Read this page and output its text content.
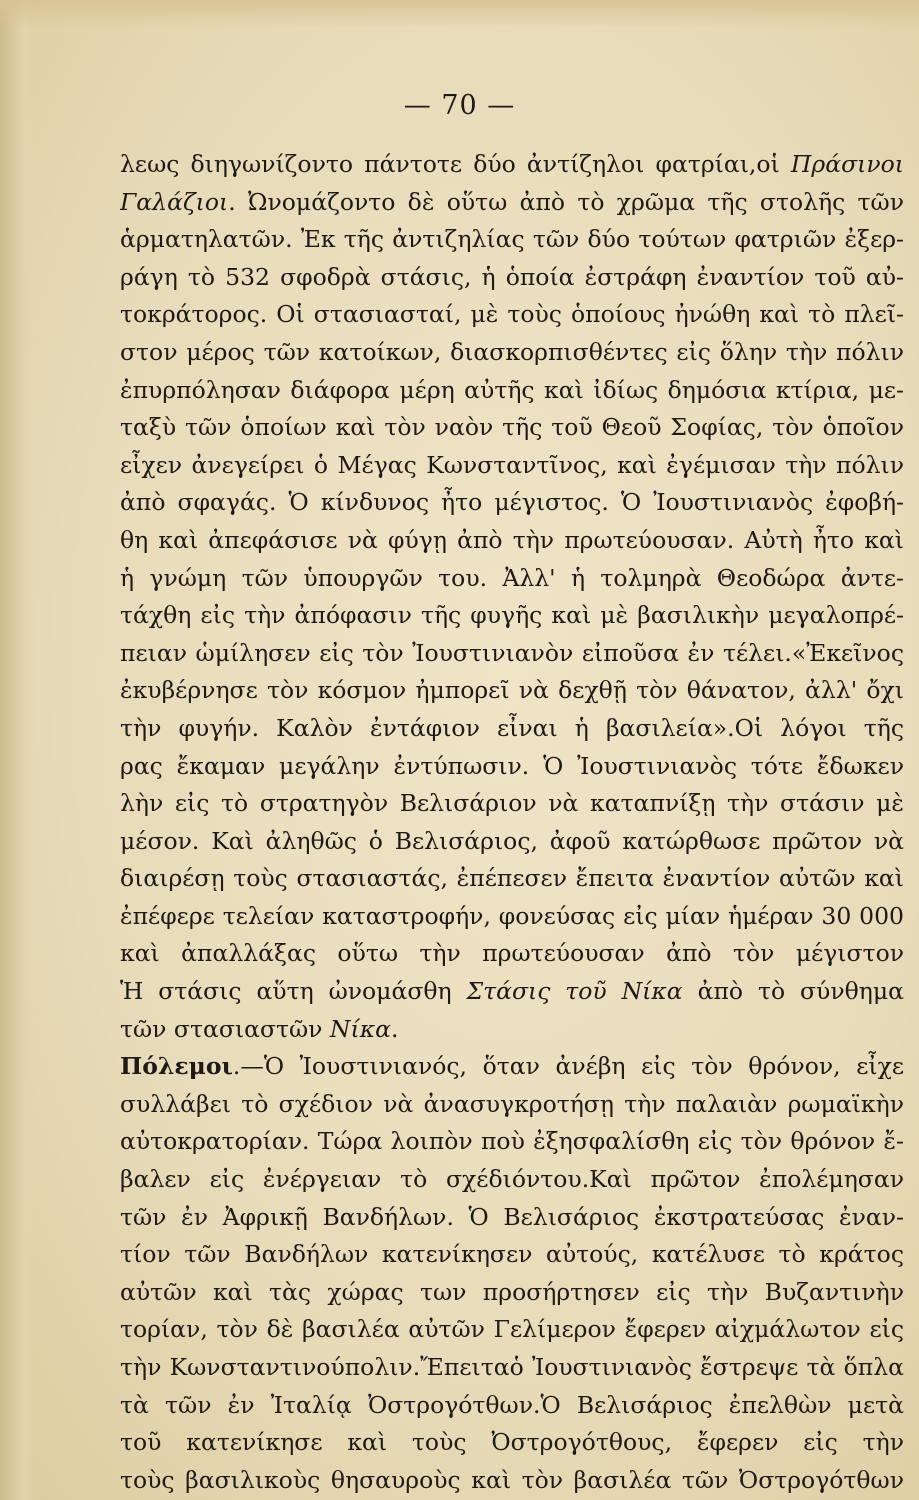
— 70 —
λεως διηγωνίζοντο πάντοτε δύο ἀντίζηλοι φατρίαι,οἱ Πράσινοι
Γαλάζιοι. Ὠνομάζοντο δὲ οὕτω ἀπὸ τὸ χρῶμα τῆς στολῆς τῶν
ἁρματηλατῶν. Ἐκ τῆς ἀντιζηλίας τῶν δύο τούτων φατριῶν ἐξερ-
ράγη τὸ 532 σφοδρὰ στάσις, ἡ ὁποία ἐστράφη ἐναντίον τοῦ αὐ-
τοκράτορος. Οἱ στασιασταί, μὲ τοὺς ὁποίους ἠνώθη καὶ τὸ πλεῖ-
στον μέρος τῶν κατοίκων, διασκορπισθέντες εἰς ὅλην τὴν πόλιν
ἐπυρπόλησαν διάφορα μέρη αὐτῆς καὶ ἰδίως δημόσια κτίρια, με-
ταξὺ τῶν ὁποίων καὶ τὸν ναὸν τῆς τοῦ Θεοῦ Σοφίας, τὸν ὁποῖον
εἶχεν ἀνεγείρει ὁ Μέγας Κωνσταντῖνος, καὶ ἐγέμισαν τὴν πόλιν
ἀπὸ σφαγάς. Ὁ κίνδυνος ἦτο μέγιστος. Ὁ Ἰουστινιανὸς ἐφοβή-
θη καὶ ἀπεφάσισε νὰ φύγῃ ἀπὸ τὴν πρωτεύουσαν. Αὐτὴ ἦτο καὶ
ἡ γνώμη τῶν ὑπουργῶν του. Ἀλλ' ἡ τολμηρὰ Θεοδώρα ἀντε-
τάχθη εἰς τὴν ἀπόφασιν τῆς φυγῆς καὶ μὲ βασιλικὴν μεγαλοπρέ-
πειαν ὡμίλησεν εἰς τὸν Ἰουστινιανὸν εἰποῦσα ἐν τέλει.«Ἐκεῖνος
ἐκυβέρνησε τὸν κόσμον ἠμπορεῖ νὰ δεχθῇ τὸν θάνατον, ἀλλ' ὄχι
τὴν φυγήν. Καλὸν ἐντάφιον εἶναι ἡ βασιλεία».Οἱ λόγοι τῆς
ρας ἔκαμαν μεγάλην ἐντύπωσιν. Ὁ Ἰουστινιανὸς τότε ἔδωκεν
λὴν εἰς τὸ στρατηγὸν Βελισάριον νὰ καταπνίξῃ τὴν στάσιν μὲ
μέσον. Καὶ ἀληθῶς ὁ Βελισάριος, ἀφοῦ κατώρθωσε πρῶτον νὰ
διαιρέσῃ τοὺς στασιαστάς, ἐπέπεσεν ἔπειτα ἐναντίον αὐτῶν καὶ
ἐπέφερε τελείαν καταστροφήν, φονεύσας εἰς μίαν ἡμέραν 30 000
καὶ ἀπαλλάξας οὕτω τὴν πρωτεύουσαν ἀπὸ τὸν μέγιστον
Ἡ στάσις αὕτη ὠνομάσθη Στάσις τοῦ Νίκα ἀπὸ τὸ σύνθημα
τῶν στασιαστῶν Νίκα.
Πόλεμοι.—Ὁ Ἰουστινιανός, ὅταν ἀνέβη εἰς τὸν θρόνον, εἶχε
συλλάβει τὸ σχέδιον νὰ ἀνασυγκροτήσῃ τὴν παλαιὰν ρωμαϊκὴν
αὐτοκρατορίαν. Τώρα λοιπὸν ποὺ ἐξησφαλίσθη εἰς τὸν θρόνον ἔ-
βαλεν εἰς ἐνέργειαν τὸ σχέδιόντου.Καὶ πρῶτον ἐπολέμησαν
τῶν ἐν Ἀφρικῇ Βανδήλων. Ὁ Βελισάριος ἐκστρατεύσας ἐναν-
τίον τῶν Βανδήλων κατενίκησεν αὐτούς, κατέλυσε τὸ κράτος
αὐτῶν καὶ τὰς χώρας των προσήρτησεν εἰς τὴν Βυζαντινὴν
τορίαν, τὸν δὲ βασιλέα αὐτῶν Γελίμερον ἔφερεν αἰχμάλωτον εἰς
τὴν Κωνσταντινούπολιν.Ἔπειταὁ Ἰουστινιανὸς ἔστρεψε τὰ ὅπλα
τὰ τῶν ἐν Ἰταλίᾳ Ὀστρογότθων.Ὁ Βελισάριος ἐπελθὼν μετὰ
τοῦ κατενίκησε καὶ τοὺς Ὀστρογότθους, ἔφερεν εἰς τὴν
τοὺς βασιλικοὺς θησαυροὺς καὶ τὸν βασιλέα τῶν Ὀστρογότθων
